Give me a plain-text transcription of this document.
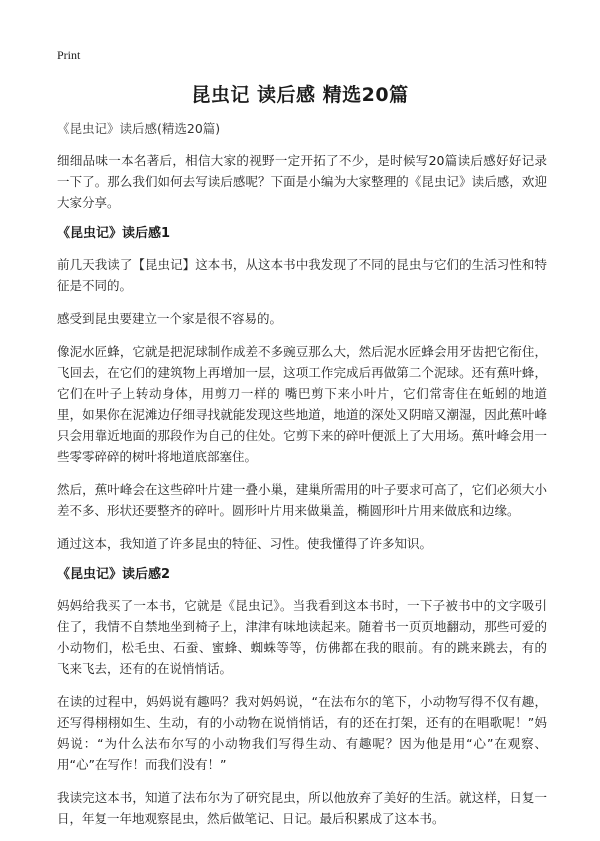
Print
昆虫记 读后感 精选20篇
《昆虫记》读后感(精选20篇)

细细品味一本名著后，相信大家的视野一定开拓了不少，是时候写20篇读后感好好记录一下了。那么我们如何去写读后感呢？下面是小编为大家整理的《昆虫记》读后感，欢迎大家分享。

《昆虫记》读后感1

前几天我读了【昆虫记】这本书，从这本书中我发现了不同的昆虫与它们的生活习性和特征是不同的。

感受到昆虫要建立一个家是很不容易的。

像泥水匠蜂，它就是把泥球制作成差不多豌豆那么大，然后泥水匠蜂会用牙齿把它衔住，飞回去，在它们的建筑物上再增加一层，这项工作完成后再做第二个泥球。还有蕉叶蜂，它们在叶子上转动身体，用剪刀一样的 嘴巴剪下来小叶片，它们常寄住在蚯蚓的地道里，如果你在泥滩边仔细寻找就能发现这些地道，地道的深处又阴暗又潮湿，因此蕉叶峰只会用靠近地面的那段作为自己的住处。它剪下来的碎叶便派上了大用场。蕉叶峰会用一些零零碎碎的树叶将地道底部塞住。

然后，蕉叶峰会在这些碎叶片建一叠小巢，建巢所需用的叶子要求可高了，它们必须大小差不多、形状还要整齐的碎叶。圆形叶片用来做巢盖，椭圆形叶片用来做底和边缘。

通过这本，我知道了许多昆虫的特征、习性。使我懂得了许多知识。

《昆虫记》读后感2

妈妈给我买了一本书，它就是《昆虫记》。当我看到这本书时，一下子被书中的文字吸引住了，我情不自禁地坐到椅子上，津津有味地读起来。随着书一页页地翻动，那些可爱的小动物们，松毛虫、石蚕、蜜蜂、蜘蛛等等，仿佛都在我的眼前。有的跳来跳去，有的 飞来飞去，还有的在说悄悄话。

在读的过程中，妈妈说有趣吗？我对妈妈说，“在法布尔的笔下，小动物写得不仅有趣，还写得栩栩如生、生动，有的小动物在说悄悄话，有的还在打架，还有的在唱歌呢！”妈妈说：“为什么法布尔写的小动物我们写得生动、有趣呢？因为他是用“心”在观察、用“心”在写作！而我们没有！”

我读完这本书，知道了法布尔为了研究昆虫，所以他放弃了美好的生活。就这样，日复一日，年复一年地观察昆虫，然后做笔记、日记。最后积累成了这本书。
